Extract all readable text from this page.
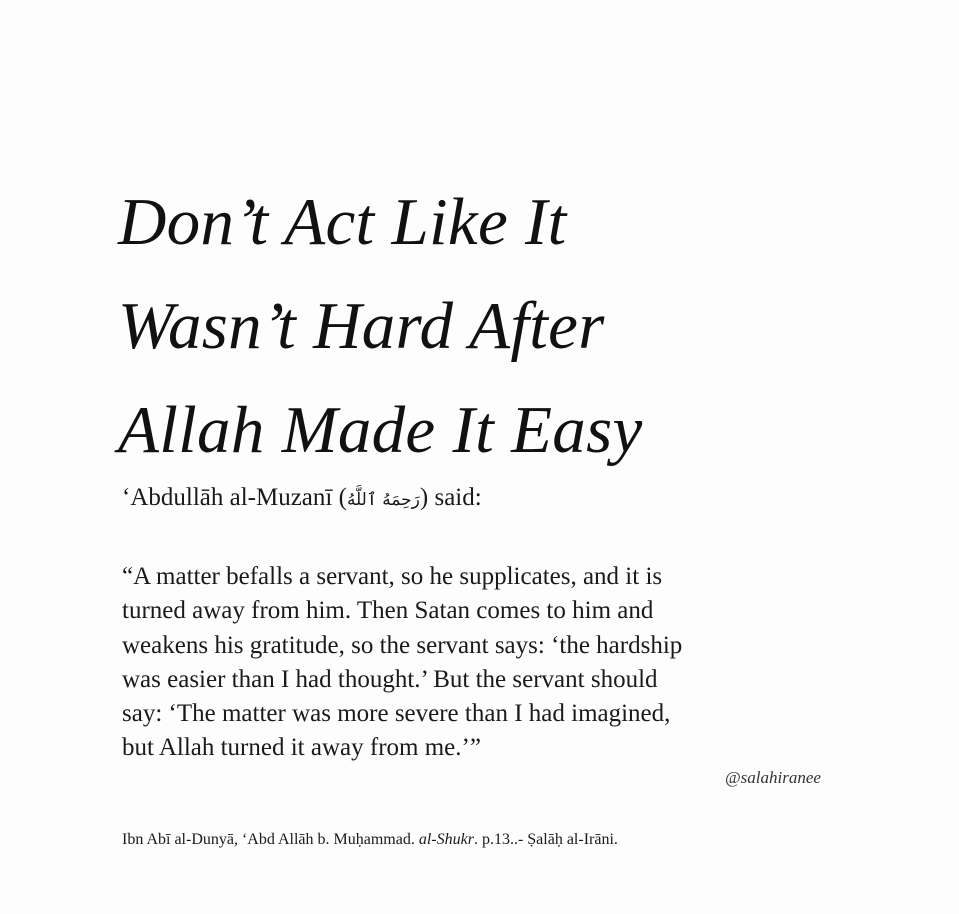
Don’t Act Like It
Wasn’t Hard After
Allah Made It Easy
‘Abdullāh al-Muzanī (رَحِمَهُ ٱللَّهُ) said:

“A matter befalls a servant, so he supplicates, and it is
turned away from him. Then Satan comes to him and
weakens his gratitude, so the servant says: ‘the hardship
was easier than I had thought.’ But the servant should
say: ‘The matter was more severe than I had imagined,
but Allah turned it away from me.’”

@salahiranee
Ibn Abī al-Dunyā, ‘Abd Allāh b. Muḥammad. al-Shukr. p.13..- Ṣalāḥ al-Irāni.
